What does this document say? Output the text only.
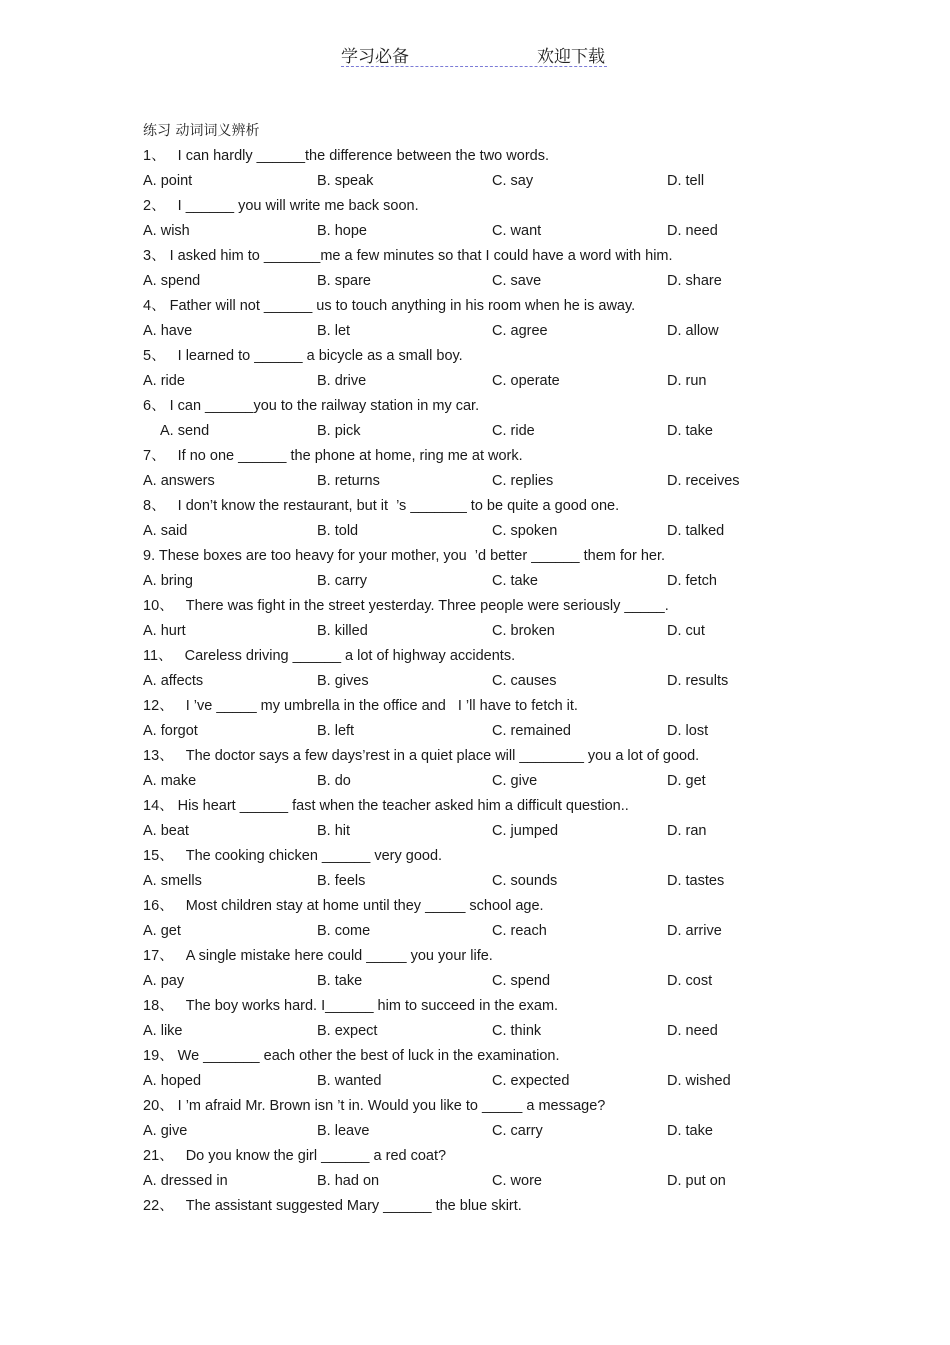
学习必备	欢迎下载
练习 动词词义辨析
1、   I can hardly ______the difference between the two words.
A. point	B. speak	C. say	D. tell
2、   I ______ you will write me back soon.
A. wish	B. hope	C. want	D. need
3、 I asked him to _______me a few minutes so that I could have a word with him.
A. spend	B. spare	C. save	D. share
4、 Father will not ______ us to touch anything in his room when he is away.
A. have	B. let	C. agree	D. allow
5、   I learned to ______ a bicycle as a small boy.
A. ride	B. drive	C. operate	D. run
6、 I can ______you to the railway station in my car.
A. send	B. pick	C. ride	D. take
7、   If no one ______ the phone at home, ring me at work.
A. answers	B. returns	C. replies	D. receives
8、   I don’t know the restaurant, but it  ’s _______ to be quite a good one.
A. said	B. told	C. spoken	D. talked
9. These boxes are too heavy for your mother, you  ’d better ______ them for her.
A. bring	B. carry	C. take	D. fetch
10、   There was fight in the street yesterday. Three people were seriously _____.
A. hurt	B. killed	C. broken	D. cut
11、   Careless driving ______ a lot of highway accidents.
A. affects	B. gives	C. causes	D. results
12、   I ’ve _____ my umbrella in the office and   I ’ll have to fetch it.
A. forgot	B. left	C. remained	D. lost
13、   The doctor says a few days’rest in a quiet place will ________ you a lot of good.
A. make	B. do	C. give	D. get
14、 His heart ______ fast when the teacher asked him a difficult question..
A. beat	B. hit	C. jumped	D. ran
15、   The cooking chicken ______ very good.
A. smells	B. feels	C. sounds	D. tastes
16、   Most children stay at home until they _____ school age.
A. get	B. come	C. reach	D. arrive
17、   A single mistake here could _____ you your life.
A. pay	B. take	C. spend	D. cost
18、   The boy works hard. I______ him to succeed in the exam.
A. like	B. expect	C. think	D. need
19、 We _______ each other the best of luck in the examination.
A. hoped	B. wanted	C. expected	D. wished
20、 I ’m afraid Mr. Brown isn ’t in. Would you like to _____ a message?
A. give	B. leave	C. carry	D. take
21、   Do you know the girl ______ a red coat?
A. dressed in	B. had on	C. wore	D. put on
22、   The assistant suggested Mary ______ the blue skirt.
